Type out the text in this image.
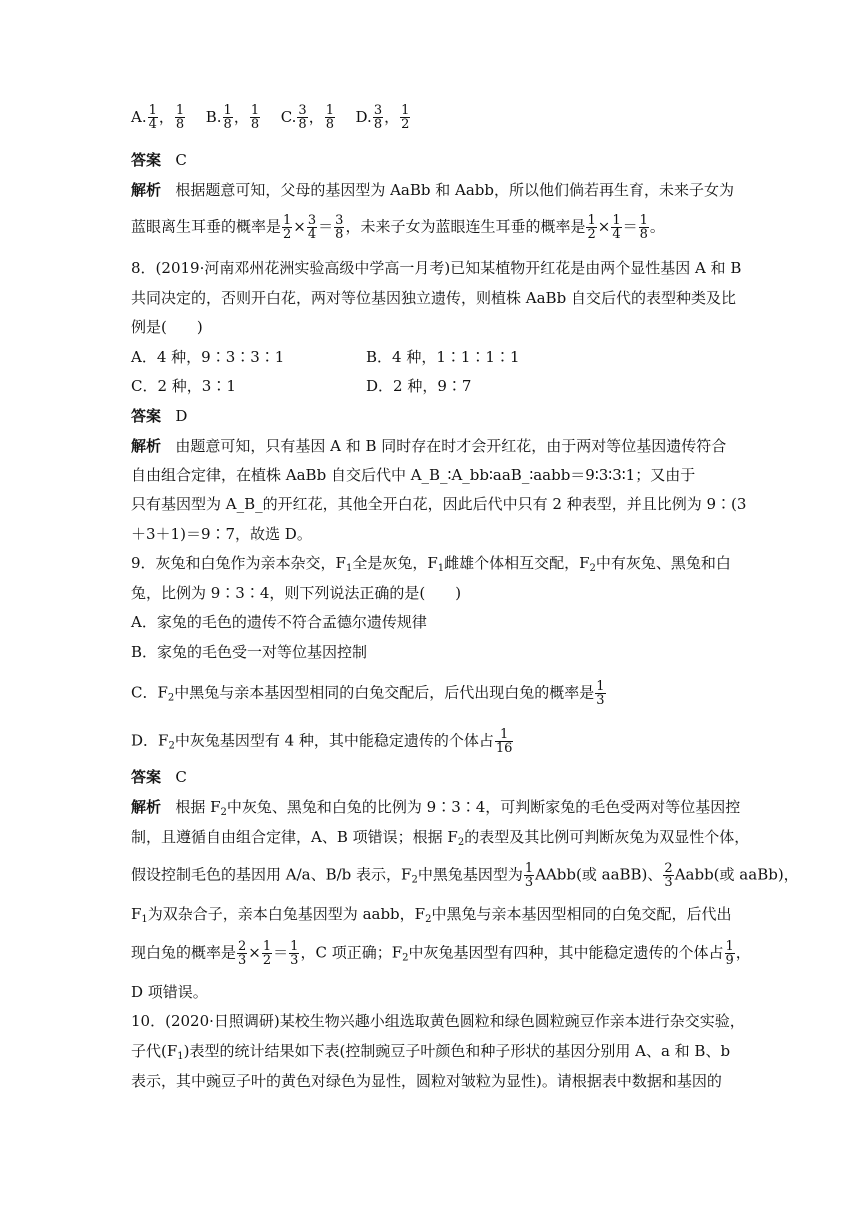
A. $\frac{1}{4}$ ， $\frac{1}{8} B$. $\frac{1}{8}$ ， $\frac{1}{8} C$. $\frac{3}{8}$ ， $\frac{1}{8} D$. $\frac{3}{8}$ ， $\frac{1}{2}$
答案 C
解析 根据题意可知，父母的基因型为 AaBb 和 Aabb，所以他们倘若再生育，未来子女为
蓝眼离生耳垂的概率是 $\frac{1}{2} \times \frac{3}{4} = \frac{3}{8}$ ，未来子女为蓝眼连生耳垂的概率是 $\frac{1}{2} \times \frac{1}{4} = \frac{1}{8}$ 。
8．(2019·河南邓州花洲实验高级中学高一月考)已知某植物开红花是由两个显性基因 A 和 B
共同决定的，否则开白花，两对等位基因独立遗传，则植株 AaBb 自交后代的表型种类及比
例是(　　)
A．4 种，9∶3∶3∶1	B．4 种，1∶1∶1∶1
C．2 种，3∶1	D．2 种，9∶7
答案 D
解析 由题意可知，只有基因 A 和 B 同时存在时才会开红花，由于两对等位基因遗传符合
自由组合定律，在植株 AaBb 自交后代中 A_B_∶A_bb∶aaB_∶aabb＝9∶3∶3∶1；又由于
只有基因型为 A_B_的开红花，其他全开白花，因此后代中只有 2 种表型，并且比例为 9∶(3
＋3＋1)＝9∶7，故选 D。
9．灰兔和白兔作为亲本杂交，$F_1$全是灰兔，$F_1$雌雄个体相互交配，$F_2$中有灰兔、黑兔和白
兔，比例为 9∶3∶4，则下列说法正确的是(　　)
A．家兔的毛色的遗传不符合孟德尔遗传规律
B．家兔的毛色受一对等位基因控制
C．$F_2$中黑兔与亲本基因型相同的白兔交配后，后代出现白兔的概率是 $\frac{1}{3}$
D．$F_2$中灰兔基因型有 4 种，其中能稳定遗传的个体占 $\frac{1}{16}$
答案 C
解析 根据 $F_2$中灰兔、黑兔和白兔的比例为 9∶3∶4，可判断家兔的毛色受两对等位基因控
制，且遵循自由组合定律，A、B 项错误；根据 $F_2$的表型及其比例可判断灰兔为双显性个体，
假设控制毛色的基因用 A/a、B/b 表示，$F_2$中黑兔基因型为 $\frac{1}{3}$ AAbb(或 aaBB)、 $\frac{2}{3}$ Aabb(或 aaBb)，
$F_1$为双杂合子，亲本白兔基因型为 aabb，$F_2$中黑兔与亲本基因型相同的白兔交配，后代出
现白兔的概率是 $\frac{2}{3} \times \frac{1}{2} = \frac{1}{3}$ ，C 项正确；$F_2$中灰兔基因型有四种，其中能稳定遗传的个体占 $\frac{1}{9}$ ，
D 项错误。
10．(2020·日照调研)某校生物兴趣小组选取黄色圆粒和绿色圆粒豌豆作亲本进行杂交实验，
子代$(F_1)$表型的统计结果如下表(控制豌豆子叶颜色和种子形状的基因分别用 A、a 和 B、b
表示，其中豌豆子叶的黄色对绿色为显性，圆粒对皱粒为显性)。请根据表中数据和基因的
